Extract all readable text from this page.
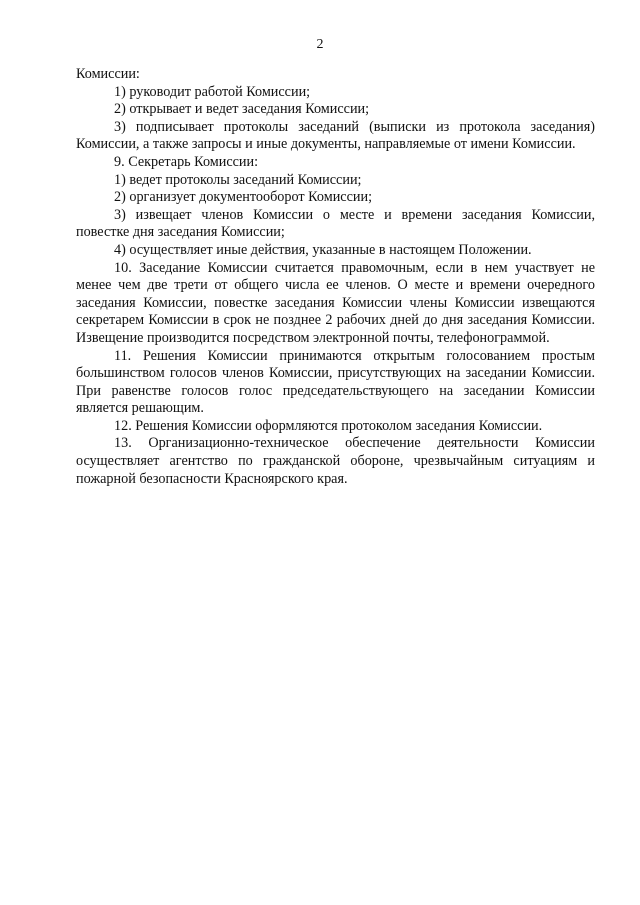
2

Комиссии:

1) руководит работой Комиссии;

2) открывает и ведет заседания Комиссии;

3) подписывает протоколы заседаний (выписки из протокола заседания) Комиссии, а также запросы и иные документы, направляемые от имени Комиссии.

9. Секретарь Комиссии:

1) ведет протоколы заседаний Комиссии;

2) организует документооборот Комиссии;

3) извещает членов Комиссии о месте и времени заседания Комиссии, повестке дня заседания Комиссии;

4) осуществляет иные действия, указанные в настоящем Положении.

10. Заседание Комиссии считается правомочным, если в нем участвует не менее чем две трети от общего числа ее членов. О месте и времени очередного заседания Комиссии, повестке заседания Комиссии члены Комиссии извещаются секретарем Комиссии в срок не позднее 2 рабочих дней до дня заседания Комиссии. Извещение производится посредством электронной почты, телефонограммой.

11. Решения Комиссии принимаются открытым голосованием простым большинством голосов членов Комиссии, присутствующих на заседании Комиссии. При равенстве голосов голос председательствующего на заседании Комиссии является решающим.

12. Решения Комиссии оформляются протоколом заседания Комиссии.

13. Организационно-техническое обеспечение деятельности Комиссии осуществляет агентство по гражданской обороне, чрезвычайным ситуациям и пожарной безопасности Красноярского края.
